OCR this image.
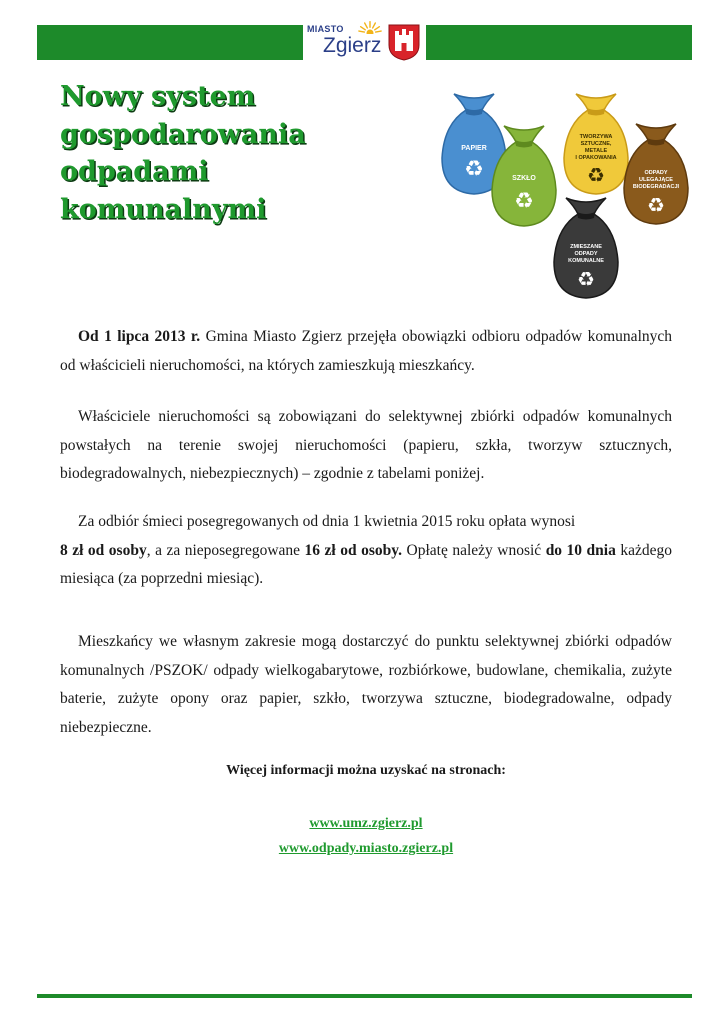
MIASTO
Zgierz
Nowy system
gospodarowania
odpadami
komunalnymi
PAPIER
♻
TWORZYWA SZTUCZNE, METALE I OPAKOWANIA
♻
SZKŁO
♻
ODPADY ULEGAJĄCE BIODEGRADACJI
♻
ZMIESZANE ODPADY KOMUNALNE
♻

Od 1 lipca 2013 r. Gmina Miasto Zgierz przejęła obowiązki odbioru odpadów komunalnych od właścicieli nieruchomości, na których zamieszkują mieszkańcy.

Właściciele nieruchomości są zobowiązani do selektywnej zbiórki odpadów komunalnych powstałych na terenie swojej nieruchomości (papieru, szkła, tworzyw sztucznych, biodegradowalnych, niebezpiecznych) – zgodnie z tabelami poniżej.

Za odbiór śmieci posegregowanych od dnia 1 kwietnia 2015 roku opłata wynosi
8 zł od osoby, a za nieposegregowane 16 zł od osoby. Opłatę należy wnosić do 10 dnia każdego miesiąca (za poprzedni miesiąc).

Mieszkańcy we własnym zakresie mogą dostarczyć do punktu selektywnej zbiórki odpadów komunalnych /PSZOK/ odpady wielkogabarytowe, rozbiórkowe, budowlane, chemikalia, zużyte baterie, zużyte opony oraz papier, szkło, tworzywa sztuczne, biodegradowalne, odpady niebezpieczne.

Więcej informacji można uzyskać na stronach:
www.umz.zgierz.pl
www.odpady.miasto.zgierz.pl
